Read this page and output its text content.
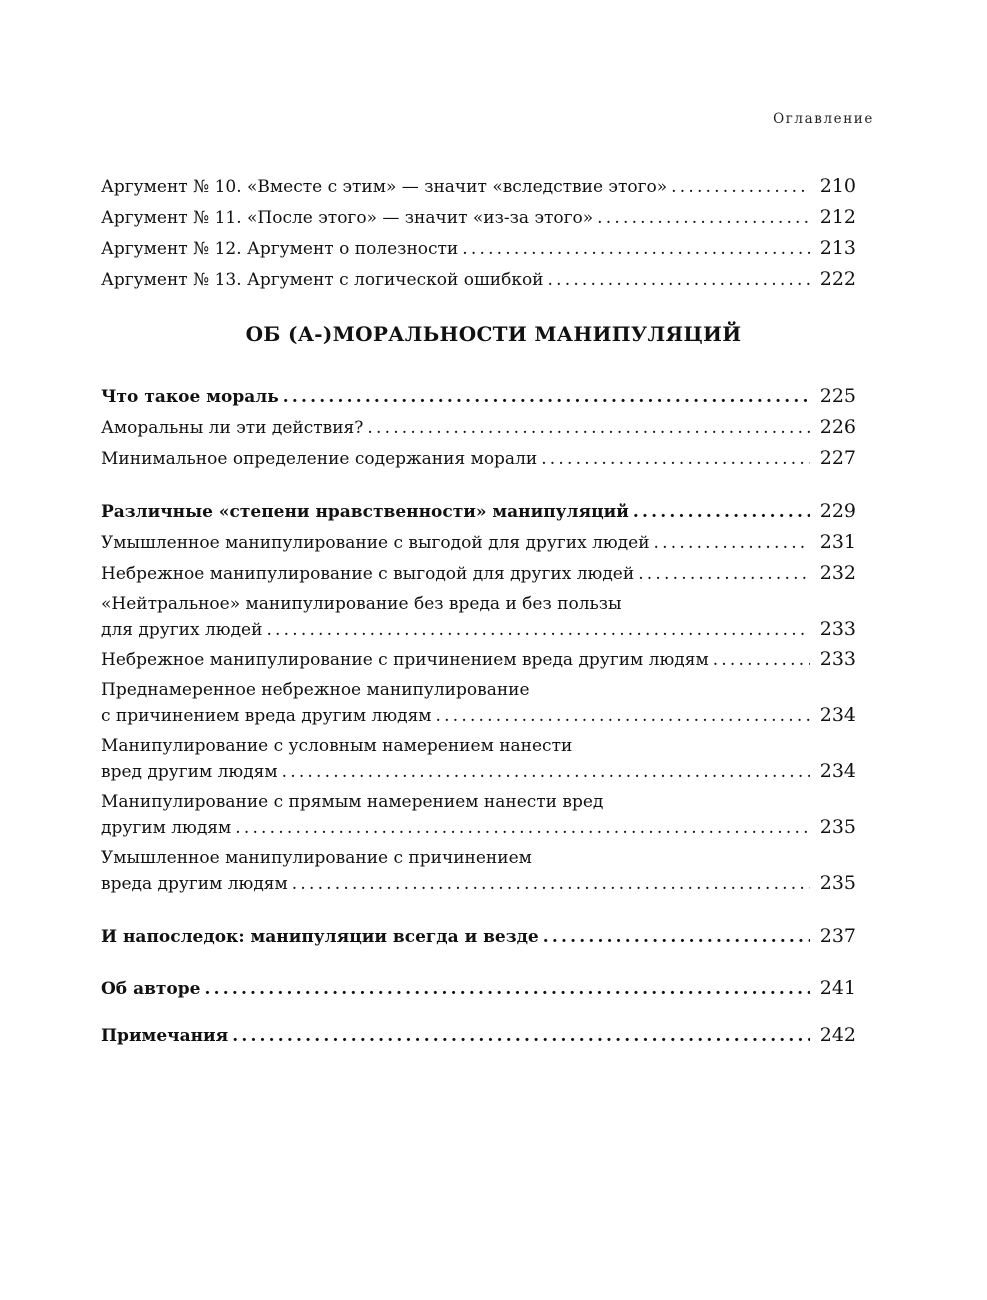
Оглавление
Аргумент № 10. «Вместе с этим» — значит «вследствие этого» .....	210
Аргумент № 11. «После этого» — значит «из-за этого» .....	212
Аргумент № 12. Аргумент о полезности .....	213
Аргумент № 13. Аргумент с логической ошибкой .....	222
ОБ (А-)МОРАЛЬНОСТИ МАНИПУЛЯЦИЙ
Что такое мораль .....	225
Аморальны ли эти действия? .....	226
Минимальное определение содержания морали .....	227
Различные «степени нравственности» манипуляций .....	229
Умышленное манипулирование с выгодой для других людей .....	231
Небрежное манипулирование с выгодой для других людей .....	232
«Нейтральное» манипулирование без вреда и без пользы
для других людей .....	233
Небрежное манипулирование с причинением вреда другим людям .....	233
Преднамеренное небрежное манипулирование
с причинением вреда другим людям .....	234
Манипулирование с условным намерением нанести
вред другим людям .....	234
Манипулирование с прямым намерением нанести вред
другим людям .....	235
Умышленное манипулирование с причинением
вреда другим людям .....	235
И напоследок: манипуляции всегда и везде .....	237
Об авторе .....	241
Примечания .....	242
